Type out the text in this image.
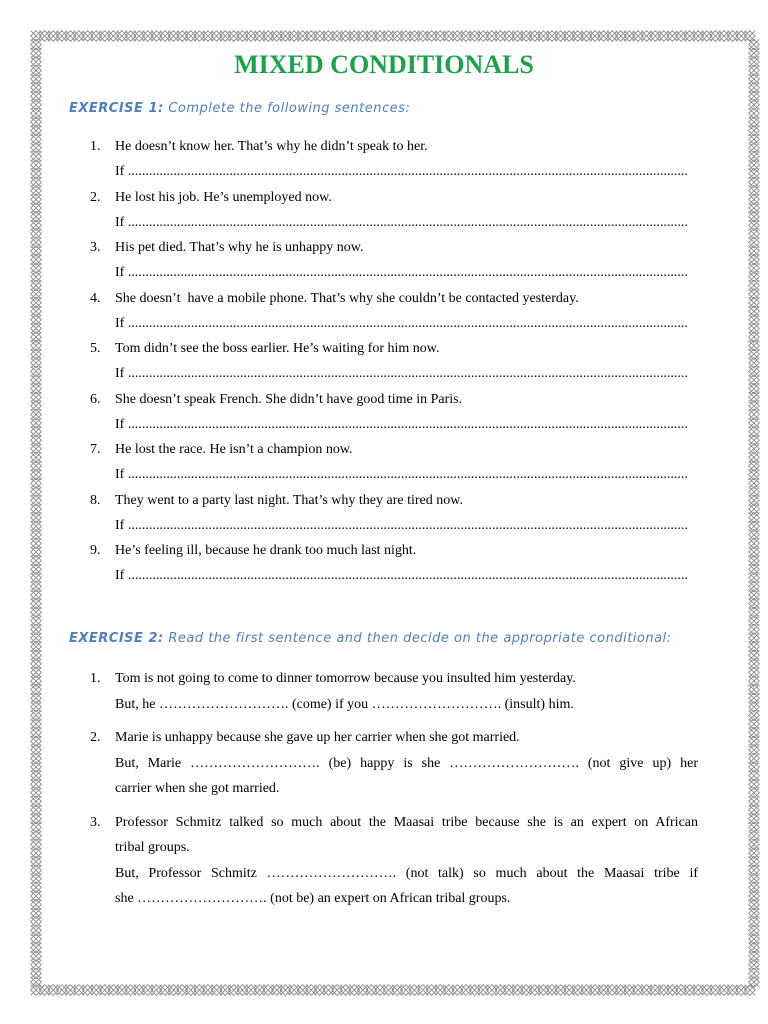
MIXED CONDITIONALS
EXERCISE 1: Complete the following sentences:
1.	He doesn’t know her. That’s why he didn’t speak to her.
If ................................................................................................................................................................
2.	He lost his job. He’s unemployed now.
If ................................................................................................................................................................
3.	His pet died. That’s why he is unhappy now.
If ................................................................................................................................................................
4.	She doesn’t  have a mobile phone. That’s why she couldn’t be contacted yesterday.
If ................................................................................................................................................................
5.	Tom didn’t see the boss earlier. He’s waiting for him now.
If ................................................................................................................................................................
6.	She doesn’t speak French. She didn’t have good time in Paris.
If ................................................................................................................................................................
7.	He lost the race. He isn’t a champion now.
If ................................................................................................................................................................
8.	They went to a party last night. That’s why they are tired now.
If ................................................................................................................................................................
9.	He’s feeling ill, because he drank too much last night.
If ................................................................................................................................................................
EXERCISE 2: Read the first sentence and then decide on the appropriate conditional:
1.	Tom is not going to come to dinner tomorrow because you insulted him yesterday.
But, he ………………………. (come) if you ………………………. (insult) him.
2.	Marie is unhappy because she gave up her carrier when she got married.
But, Marie ………………………. (be) happy is she ………………………. (not give up) her
carrier when she got married.
3.	Professor Schmitz talked so much about the Maasai tribe because she is an expert on African
tribal groups.
But, Professor Schmitz ………………………. (not talk) so much about the Maasai tribe if
she ………………………. (not be) an expert on African tribal groups.
